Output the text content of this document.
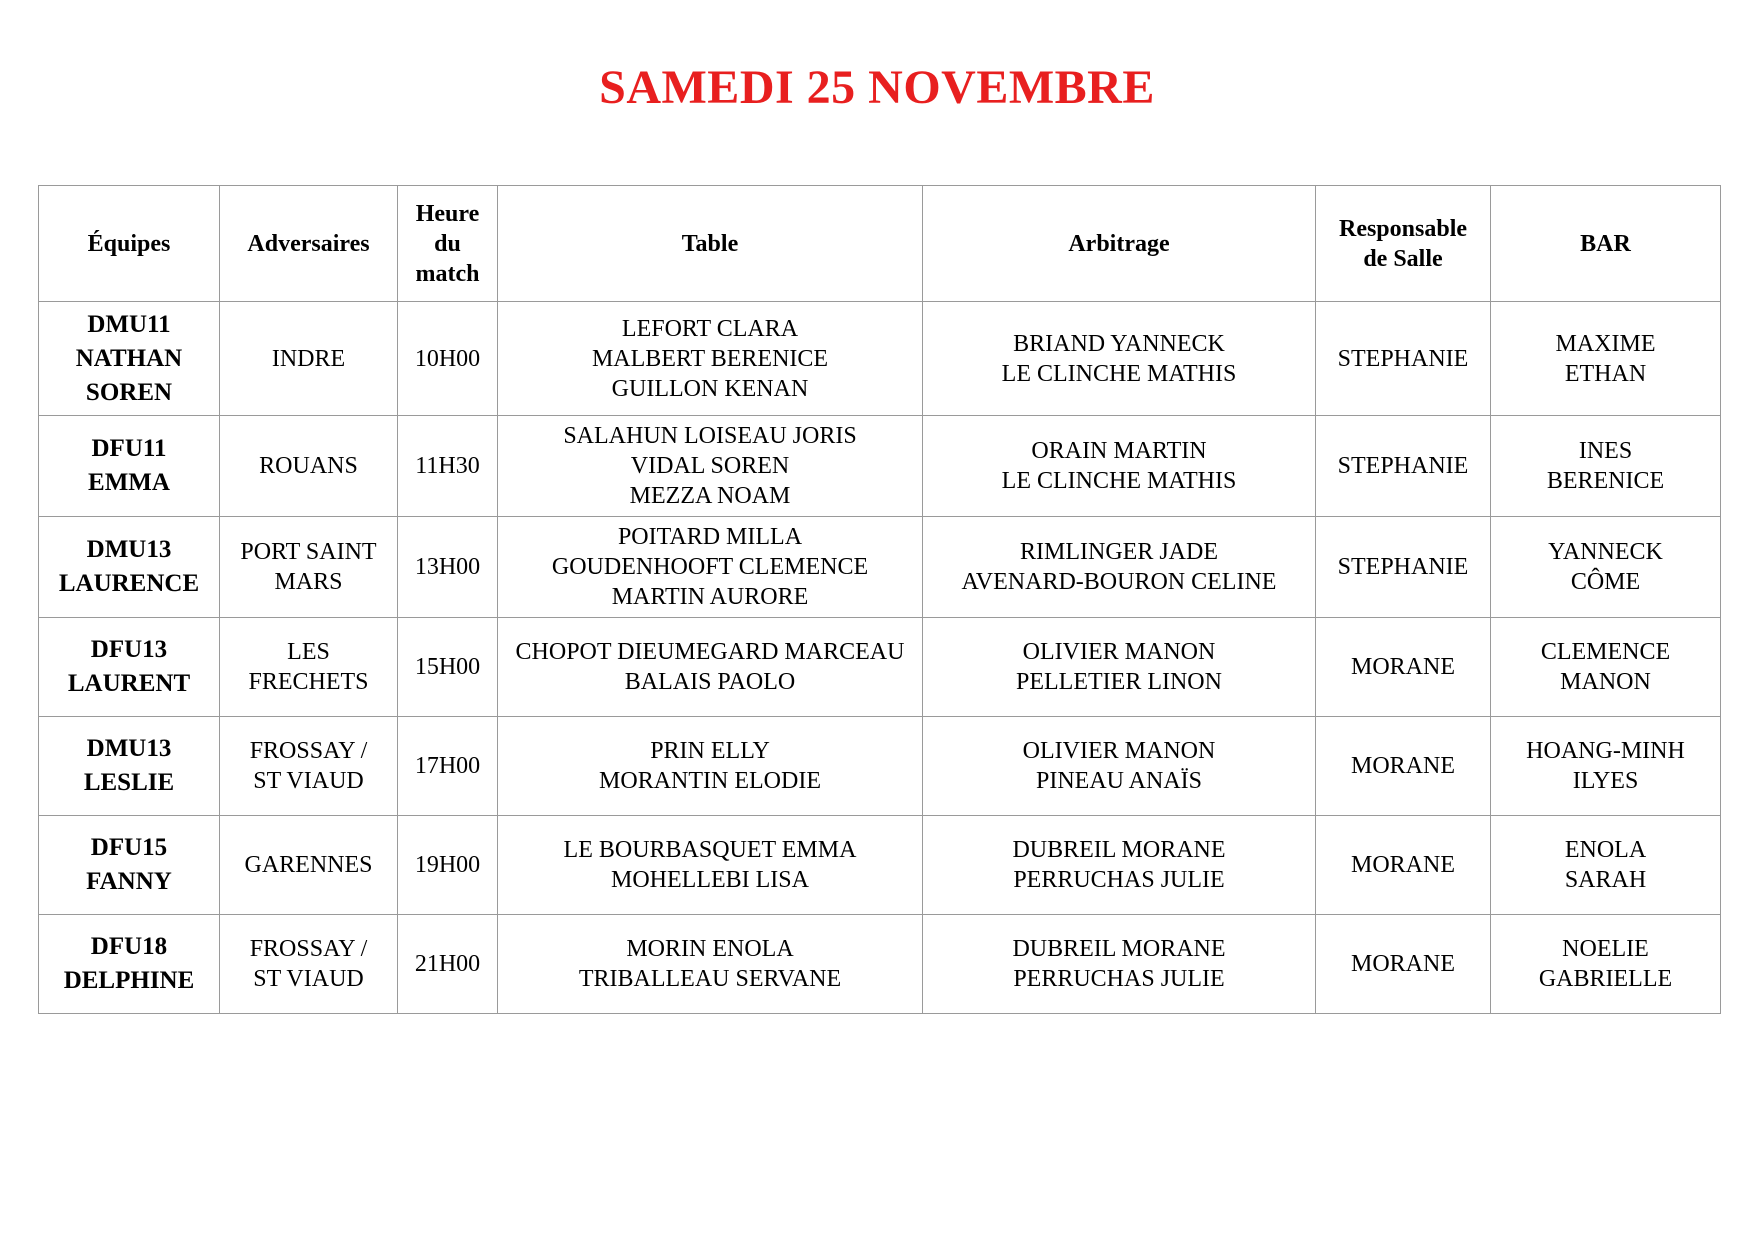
SAMEDI 25 NOVEMBRE
Équipes	Adversaires	Heure
du
match	Table	Arbitrage	Responsable
de Salle	BAR

DMU11
NATHAN
SOREN	INDRE	10H00	LEFORT CLARA
MALBERT BERENICE
GUILLON KENAN	BRIAND YANNECK
LE CLINCHE MATHIS	STEPHANIE	MAXIME
ETHAN

DFU11
EMMA	ROUANS	11H30	SALAHUN LOISEAU JORIS
VIDAL SOREN
MEZZA NOAM	ORAIN MARTIN
LE CLINCHE MATHIS	STEPHANIE	INES
BERENICE

DMU13
LAURENCE	PORT SAINT
MARS	13H00	POITARD MILLA
GOUDENHOOFT CLEMENCE
MARTIN AURORE	RIMLINGER JADE
AVENARD-BOURON CELINE	STEPHANIE	YANNECK
CÔME

DFU13
LAURENT	LES
FRECHETS	15H00	CHOPOT DIEUMEGARD MARCEAU
BALAIS PAOLO	OLIVIER MANON
PELLETIER LINON	MORANE	CLEMENCE
MANON

DMU13
LESLIE	FROSSAY /
ST VIAUD	17H00	PRIN ELLY
MORANTIN ELODIE	OLIVIER MANON
PINEAU ANAÏS	MORANE	HOANG-MINH
ILYES

DFU15
FANNY	GARENNES	19H00	LE BOURBASQUET EMMA
MOHELLEBI LISA	DUBREIL MORANE
PERRUCHAS JULIE	MORANE	ENOLA
SARAH

DFU18
DELPHINE	FROSSAY /
ST VIAUD	21H00	MORIN ENOLA
TRIBALLEAU SERVANE	DUBREIL MORANE
PERRUCHAS JULIE	MORANE	NOELIE
GABRIELLE
